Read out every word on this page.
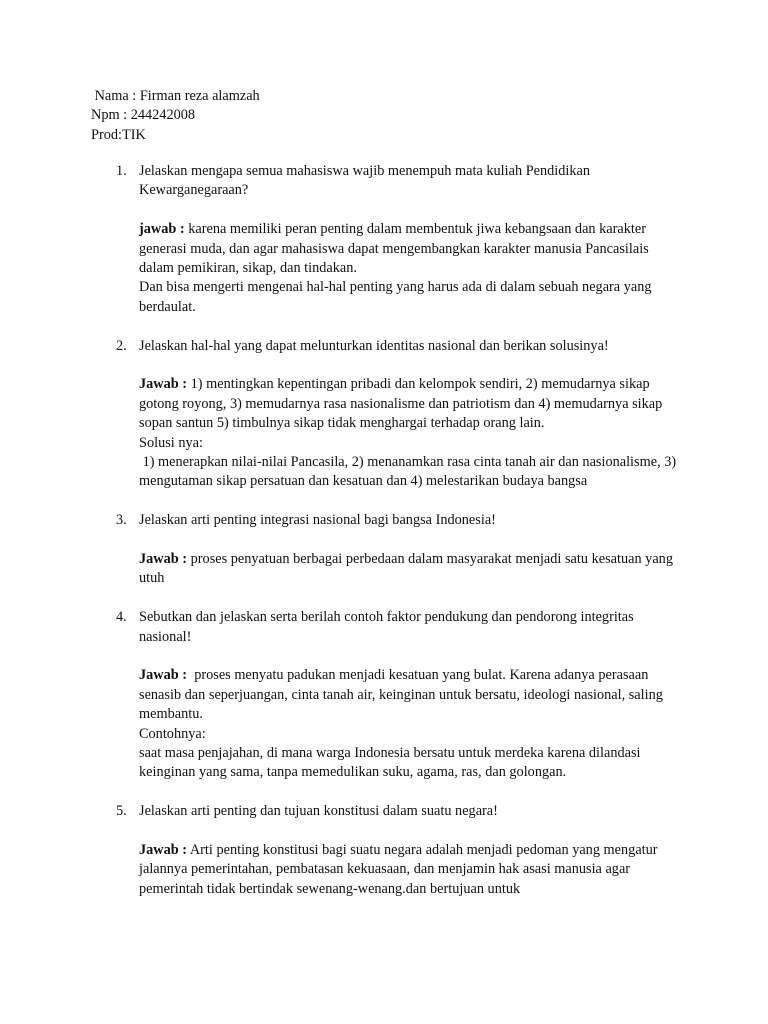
Nama : Firman reza alamzah
Npm : 244242008
Prod:TIK
1. Jelaskan mengapa semua mahasiswa wajib menempuh mata kuliah Pendidikan Kewarganegaraan?
jawab : karena memiliki peran penting dalam membentuk jiwa kebangsaan dan karakter generasi muda, dan agar mahasiswa dapat mengembangkan karakter manusia Pancasilais dalam pemikiran, sikap, dan tindakan.
Dan bisa mengerti mengenai hal-hal penting yang harus ada di dalam sebuah negara yang berdaulat.
2. Jelaskan hal-hal yang dapat melunturkan identitas nasional dan berikan solusinya!
Jawab : 1) mentingkan kepentingan pribadi dan kelompok sendiri, 2) memudarnya sikap gotong royong, 3) memudarnya rasa nasionalisme dan patriotism dan 4) memudarnya sikap sopan santun 5) timbulnya sikap tidak menghargai terhadap orang lain.
Solusi nya:
1) menerapkan nilai-nilai Pancasila, 2) menanamkan rasa cinta tanah air dan nasionalisme, 3) mengutaman sikap persatuan dan kesatuan dan 4) melestarikan budaya bangsa
3. Jelaskan arti penting integrasi nasional bagi bangsa Indonesia!
Jawab : proses penyatuan berbagai perbedaan dalam masyarakat menjadi satu kesatuan yang utuh
4. Sebutkan dan jelaskan serta berilah contoh faktor pendukung dan pendorong integritas nasional!
Jawab :  proses menyatu padukan menjadi kesatuan yang bulat. Karena adanya perasaan senasib dan seperjuangan, cinta tanah air, keinginan untuk bersatu, ideologi nasional, saling membantu.
Contohnya:
saat masa penjajahan, di mana warga Indonesia bersatu untuk merdeka karena dilandasi keinginan yang sama, tanpa memedulikan suku, agama, ras, dan golongan.
5. Jelaskan arti penting dan tujuan konstitusi dalam suatu negara!
Jawab : Arti penting konstitusi bagi suatu negara adalah menjadi pedoman yang mengatur jalannya pemerintahan, pembatasan kekuasaan, dan menjamin hak asasi manusia agar pemerintah tidak bertindak sewenang-wenang.dan bertujuan untuk
